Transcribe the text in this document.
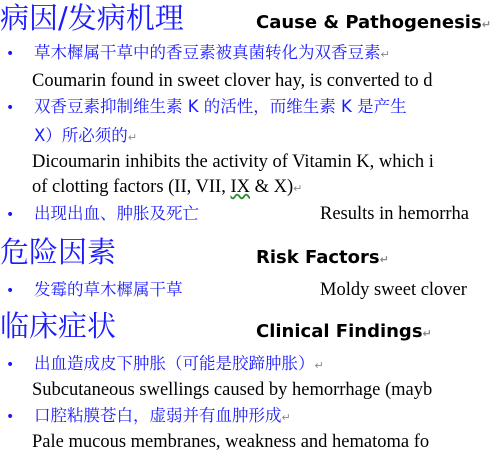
病因/发病机理	Cause & Pathogenesis↵
• 草木樨属干草中的香豆素被真菌转化为双香豆素↵
Coumarin found in sweet clover hay, is converted to d
• 双香豆素抑制维生素 K 的活性，而维生素 K 是产生
X）所必须的↵
Dicoumarin inhibits the activity of Vitamin K, which i
of clotting factors (II, VII, IX & X)↵
• 出现出血、肿胀及死亡	Results in hemorrha
危险因素	Risk Factors↵
• 发霉的草木樨属干草	Moldy sweet clover
临床症状	Clinical Findings↵
• 出血造成皮下肿胀（可能是胶蹄肿胀）↵
Subcutaneous swellings caused by hemorrhage (mayb
• 口腔粘膜苍白，虚弱并有血肿形成↵
Pale mucous membranes, weakness and hematoma fo
